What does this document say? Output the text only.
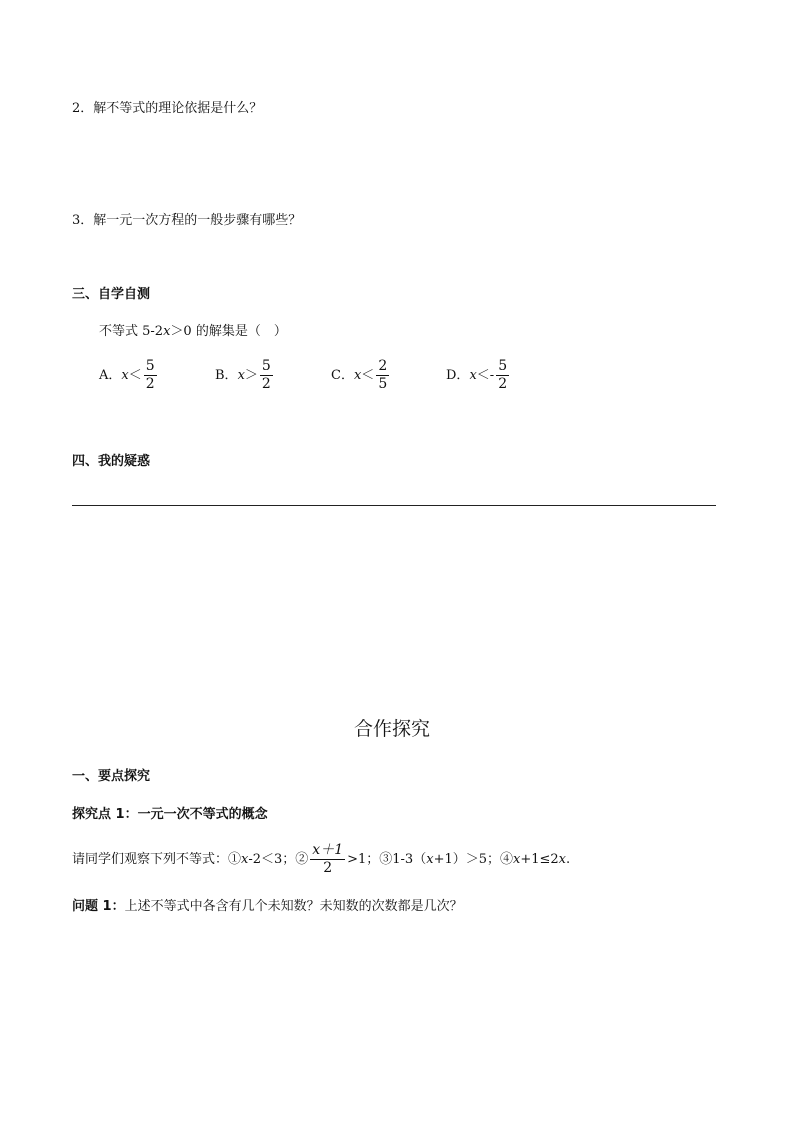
2．解不等式的理论依据是什么？
3．解一元一次方程的一般步骤有哪些？
三、自学自测
不等式 5-2x＞0 的解集是（　）
A．$x< \frac{5}{2}$	B．$x> \frac{5}{2}$	C．$x< \frac{2}{5}$	D．$x<- \frac{5}{2}$
四、我的疑惑
合作探究
一、要点探究
探究点 1：一元一次不等式的概念
请同学们观察下列不等式：①x-2＜3；② $\frac{x+1}{2} >1$；③1-3（x+1）＞5；④x+1≤2x.
问题 1：上述不等式中各含有几个未知数？未知数的次数都是几次？
